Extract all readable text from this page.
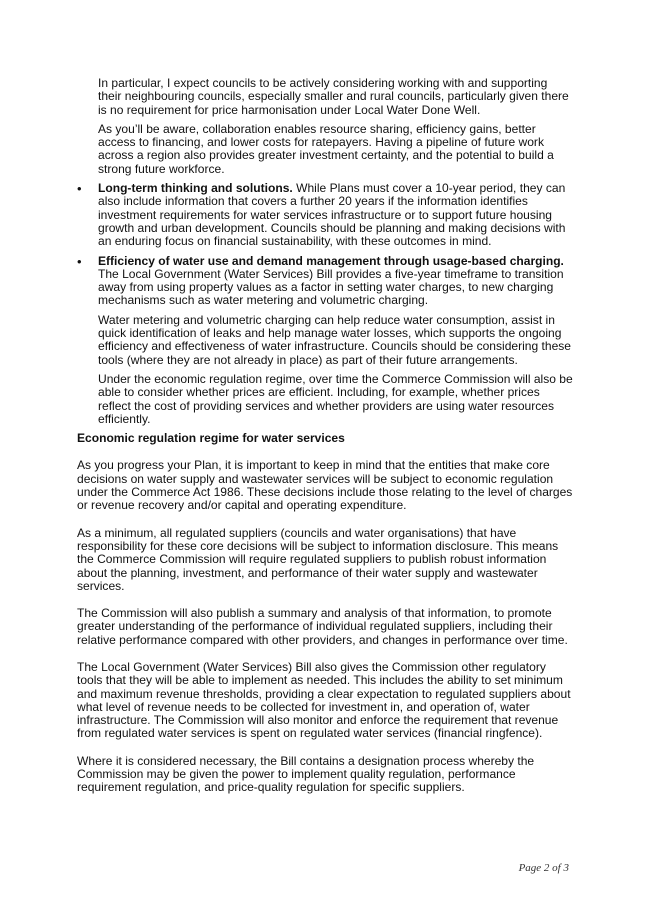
In particular, I expect councils to be actively considering working with and supporting their neighbouring councils, especially smaller and rural councils, particularly given there is no requirement for price harmonisation under Local Water Done Well.

As you’ll be aware, collaboration enables resource sharing, efficiency gains, better access to financing, and lower costs for ratepayers. Having a pipeline of future work across a region also provides greater investment certainty, and the potential to build a strong future workforce.

• Long-term thinking and solutions. While Plans must cover a 10-year period, they can also include information that covers a further 20 years if the information identifies investment requirements for water services infrastructure or to support future housing growth and urban development. Councils should be planning and making decisions with an enduring focus on financial sustainability, with these outcomes in mind.

• Efficiency of water use and demand management through usage-based charging. The Local Government (Water Services) Bill provides a five-year timeframe to transition away from using property values as a factor in setting water charges, to new charging mechanisms such as water metering and volumetric charging.

Water metering and volumetric charging can help reduce water consumption, assist in quick identification of leaks and help manage water losses, which supports the ongoing efficiency and effectiveness of water infrastructure. Councils should be considering these tools (where they are not already in place) as part of their future arrangements.

Under the economic regulation regime, over time the Commerce Commission will also be able to consider whether prices are efficient. Including, for example, whether prices reflect the cost of providing services and whether providers are using water resources efficiently.

Economic regulation regime for water services

As you progress your Plan, it is important to keep in mind that the entities that make core decisions on water supply and wastewater services will be subject to economic regulation under the Commerce Act 1986. These decisions include those relating to the level of charges or revenue recovery and/or capital and operating expenditure.

As a minimum, all regulated suppliers (councils and water organisations) that have responsibility for these core decisions will be subject to information disclosure. This means the Commerce Commission will require regulated suppliers to publish robust information about the planning, investment, and performance of their water supply and wastewater services.

The Commission will also publish a summary and analysis of that information, to promote greater understanding of the performance of individual regulated suppliers, including their relative performance compared with other providers, and changes in performance over time.

The Local Government (Water Services) Bill also gives the Commission other regulatory tools that they will be able to implement as needed. This includes the ability to set minimum and maximum revenue thresholds, providing a clear expectation to regulated suppliers about what level of revenue needs to be collected for investment in, and operation of, water infrastructure. The Commission will also monitor and enforce the requirement that revenue from regulated water services is spent on regulated water services (financial ringfence).

Where it is considered necessary, the Bill contains a designation process whereby the Commission may be given the power to implement quality regulation, performance requirement regulation, and price-quality regulation for specific suppliers.

Page 2 of 3
